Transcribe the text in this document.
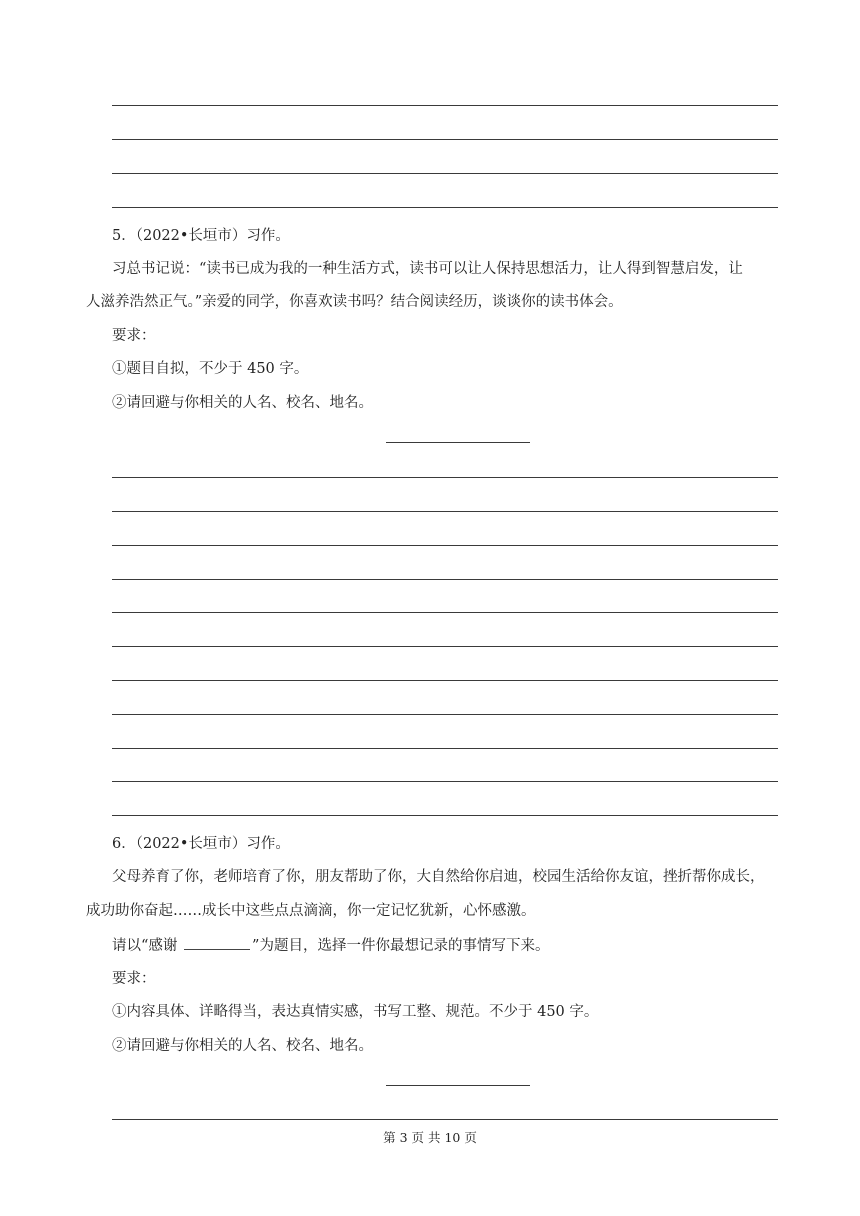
5．（2022•长垣市）习作。
习总书记说：“读书已成为我的一种生活方式，读书可以让人保持思想活力，让人得到智慧启发，让
人滋养浩然正气。”亲爱的同学，你喜欢读书吗？结合阅读经历，谈谈你的读书体会。
要求：
①题目自拟，不少于 450 字。
②请回避与你相关的人名、校名、地名。
6．（2022•长垣市）习作。
父母养育了你，老师培育了你，朋友帮助了你，大自然给你启迪，校园生活给你友谊，挫折帮你成长，
成功助你奋起……成长中这些点点滴滴，你一定记忆犹新，心怀感激。
请以“感谢	”为题目，选择一件你最想记录的事情写下来。
要求：
①内容具体、详略得当，表达真情实感，书写工整、规范。不少于 450 字。
②请回避与你相关的人名、校名、地名。
第 3 页 共 10 页
